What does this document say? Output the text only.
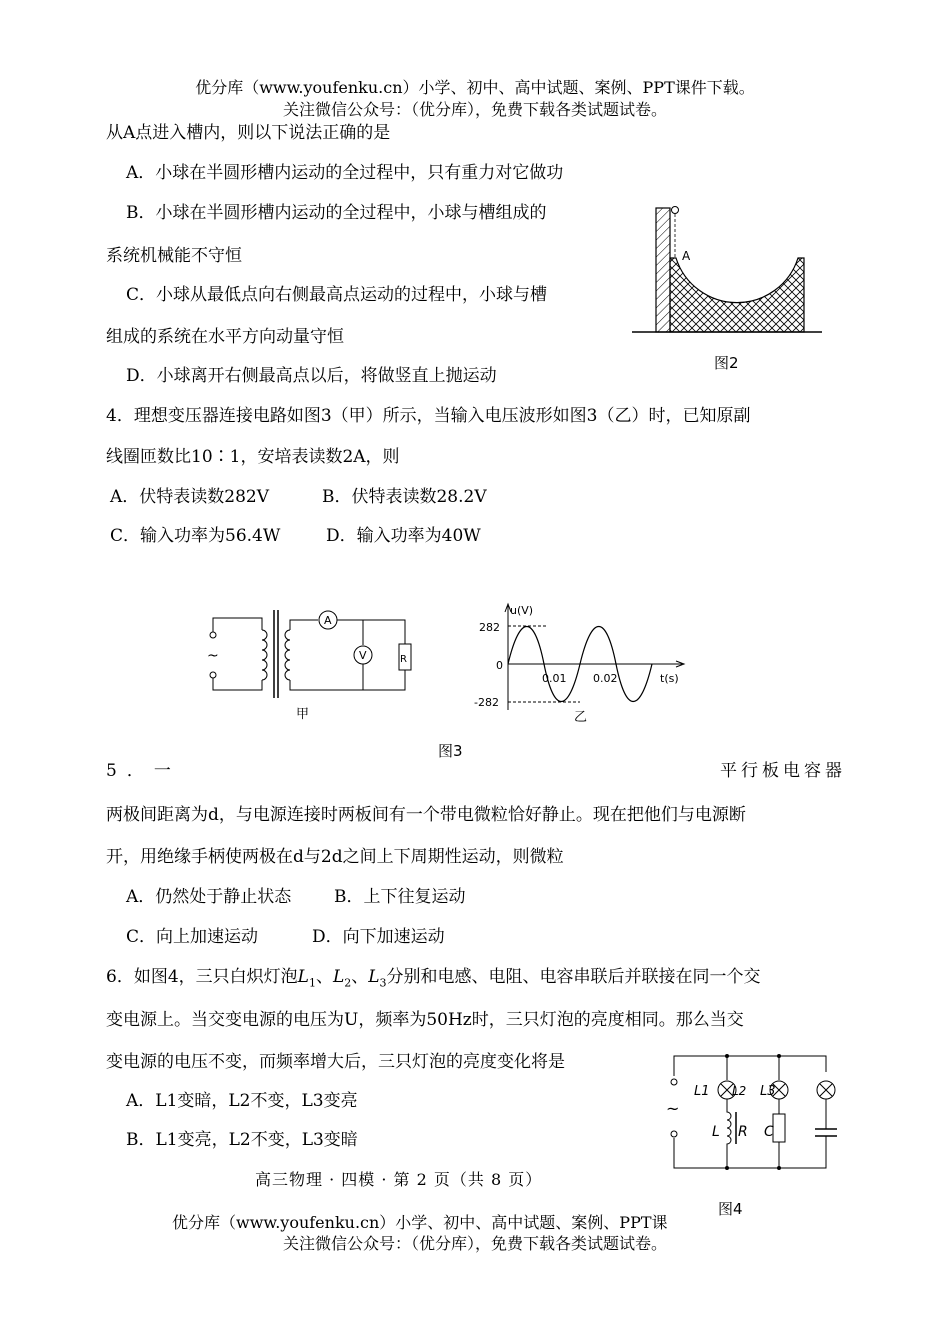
优分库（www.youfenku.cn）小学、初中、高中试题、案例、PPT课件下载。
关注微信公众号：（优分库），免费下载各类试题试卷。
从A点进入槽内，则以下说法正确的是
A．小球在半圆形槽内运动的全过程中，只有重力对它做功
B．小球在半圆形槽内运动的全过程中，小球与槽组成的
系统机械能不守恒
C．小球从最低点向右侧最高点运动的过程中，小球与槽
组成的系统在水平方向动量守恒
D．小球离开右侧最高点以后，将做竖直上抛运动
A
图2
4．理想变压器连接电路如图3（甲）所示，当输入电压波形如图3（乙）时，已知原副
线圈匝数比10∶1，安培表读数2A，则
A．伏特表读数282V	B．伏特表读数28.2V
C．输入功率为56.4W	D．输入功率为40W
~
A
V	R
甲
u(V)
t(s)
282
0
-282
0.01 0.02
乙
图3
5．一	平行板电容器
两极间距离为d，与电源连接时两板间有一个带电微粒恰好静止。现在把他们与电源断
开，用绝缘手柄使两极在d与2d之间上下周期性运动，则微粒
A．仍然处于静止状态	B．上下往复运动
C．向上加速运动	D．向下加速运动
6．如图4，三只白炽灯泡$L_1$、$L_2$、$L_3$分别和电感、电阻、电容串联后并联接在同一个交
变电源上。当交变电源的电压为U，频率为50Hz时，三只灯泡的亮度相同。那么当交
变电源的电压不变，而频率增大后，三只灯泡的亮度变化将是
A．L1变暗，L2不变，L3变亮
B．L1变亮，L2不变，L3变暗
~
L1 L2
L
L3
R C
图4
高三物理 · 四模 · 第 2 页（共 8 页）
优分库（www.youfenku.cn）小学、初中、高中试题、案例、PPT课
关注微信公众号：（优分库），免费下载各类试题试卷。
